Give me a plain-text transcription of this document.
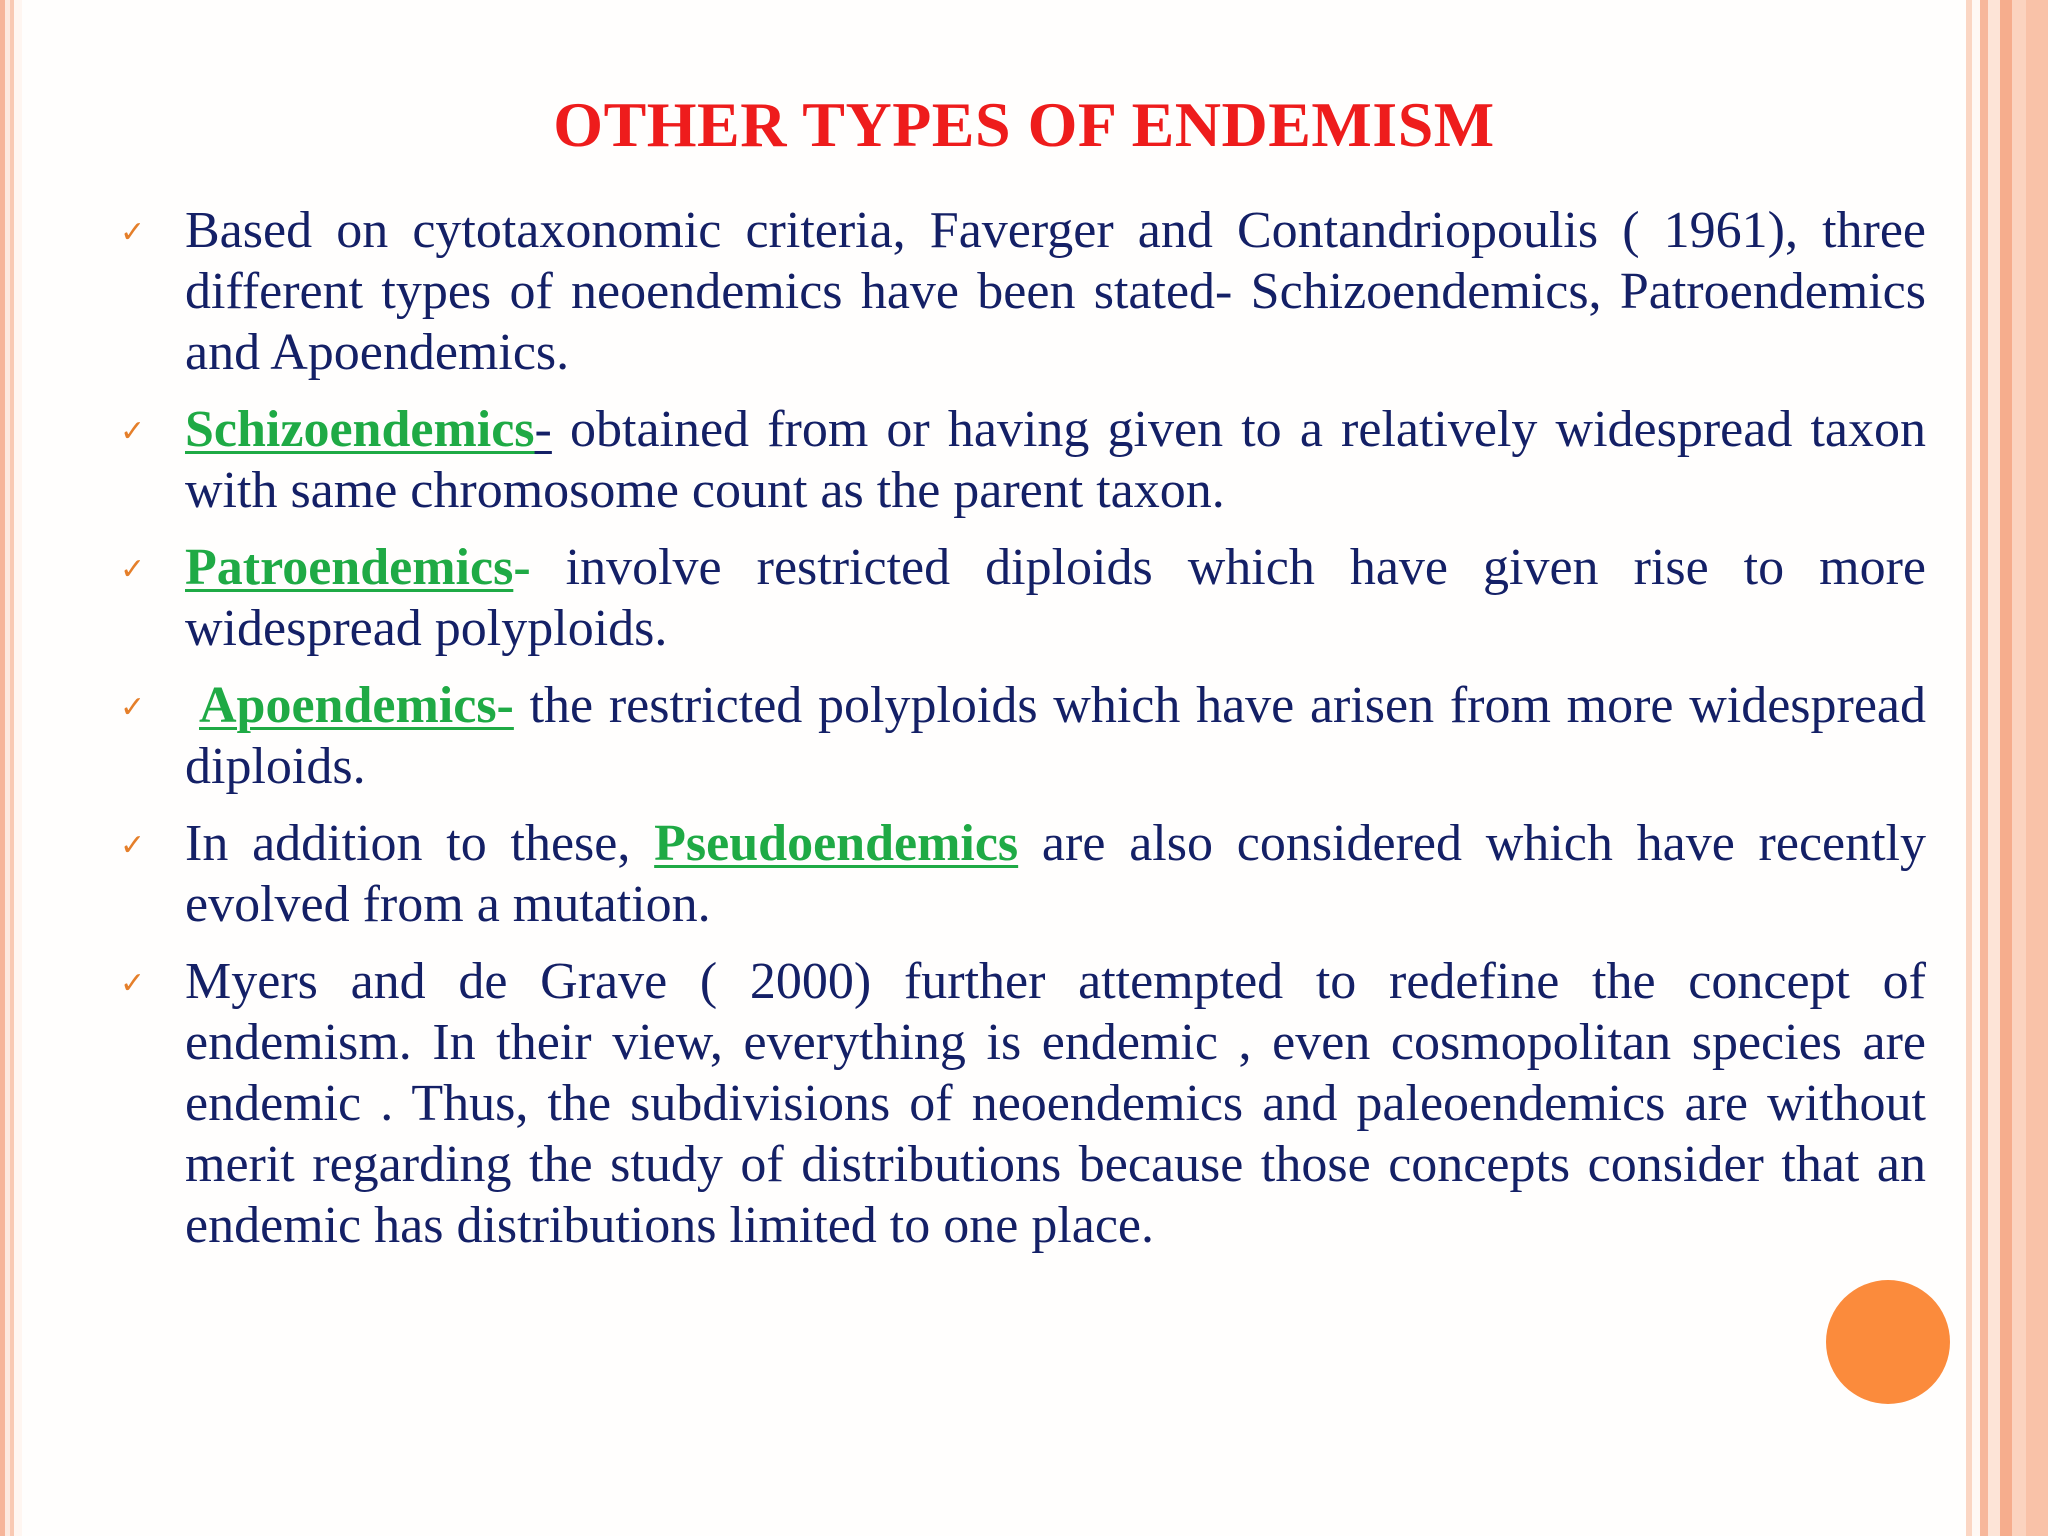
OTHER TYPES OF ENDEMISM
✓ Based on cytotaxonomic criteria, Faverger and Contandriopoulis ( 1961), three different types of neoendemics have been stated- Schizoendemics, Patroendemics and Apoendemics.
✓ Schizoendemics- obtained from or having given to a relatively widespread taxon with same chromosome count as the parent taxon.
✓ Patroendemics- involve restricted diploids which have given rise to more widespread polyploids.
✓ Apoendemics- the restricted polyploids which have arisen from more widespread diploids.
✓ In addition to these, Pseudoendemics are also considered which have recently evolved from a mutation.
✓ Myers and de Grave ( 2000) further attempted to redefine the concept of endemism. In their view, everything is endemic , even cosmopolitan species are endemic . Thus, the subdivisions of neoendemics and paleoendemics are without merit regarding the study of distributions because those concepts consider that an endemic has distributions limited to one place.
